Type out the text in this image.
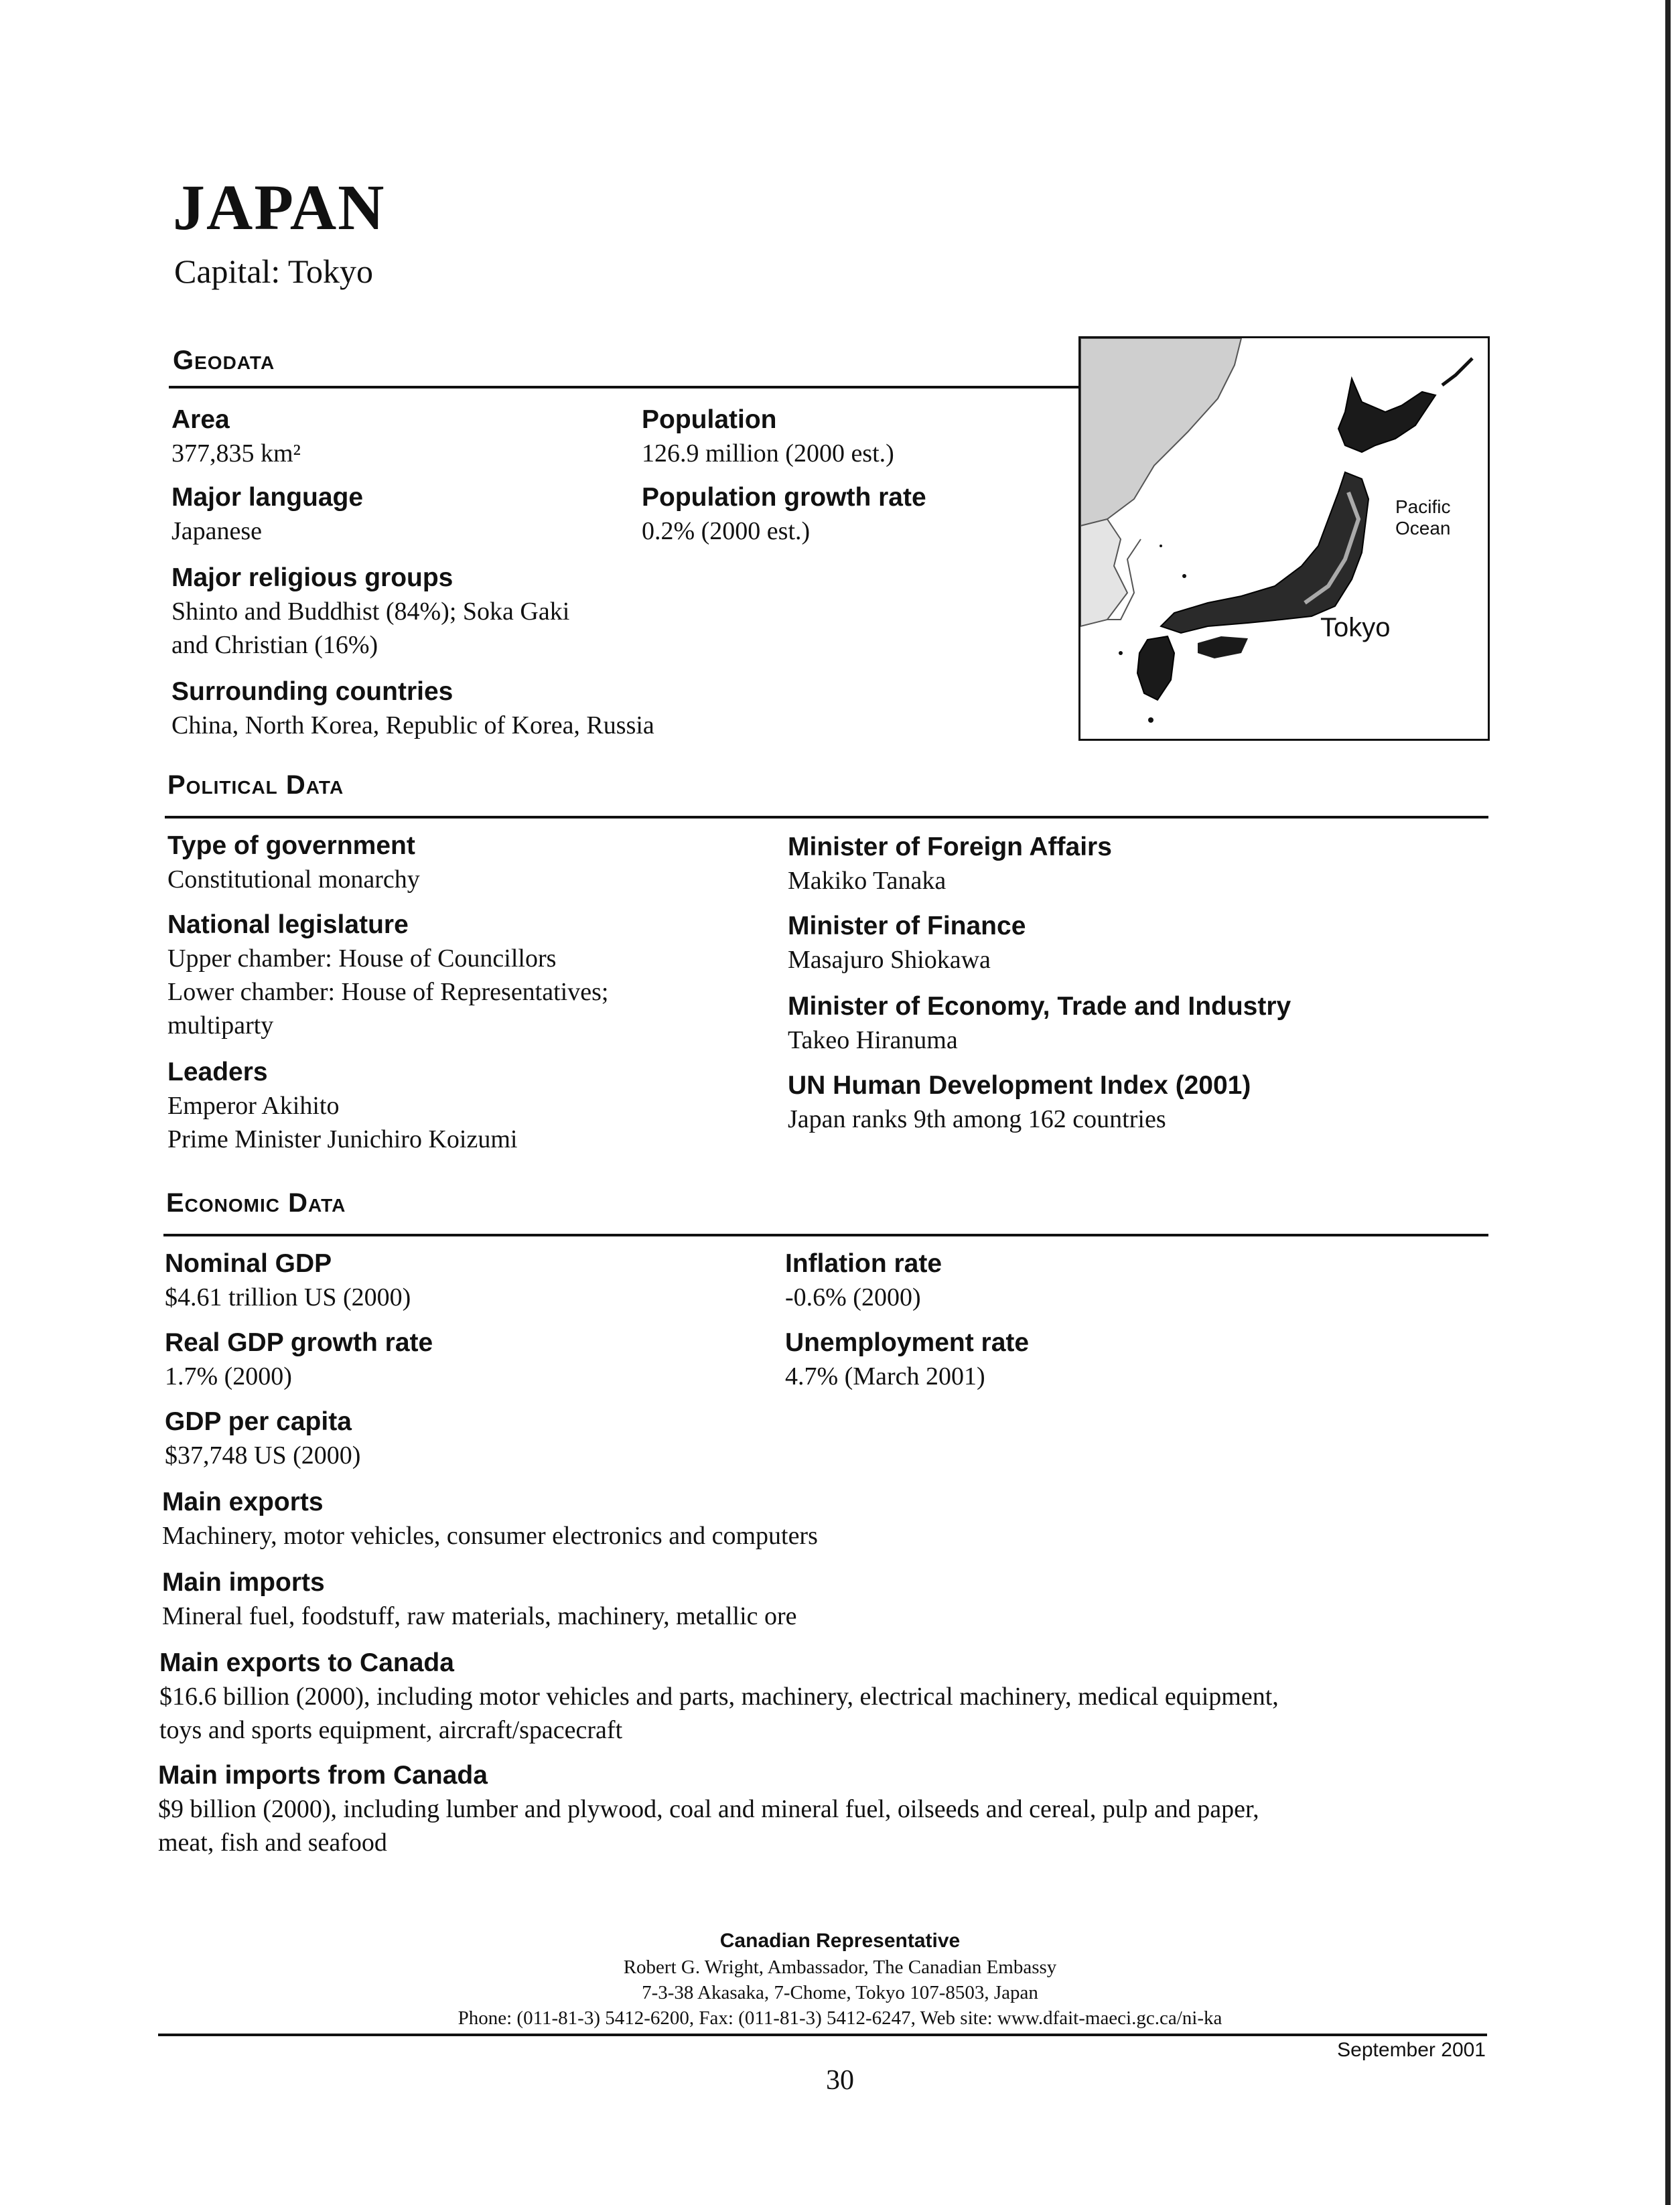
JAPAN
Capital: Tokyo
Geodata
Area
377,835 km²
Major language
Japanese
Major religious groups
Shinto and Buddhist (84%); Soka Gaki
and Christian (16%)
Surrounding countries
China, North Korea, Republic of Korea, Russia
Population
126.9 million (2000 est.)
Population growth rate
0.2% (2000 est.)
Pacific
Ocean
Tokyo
Political Data
Type of government
Constitutional monarchy
National legislature
Upper chamber: House of Councillors
Lower chamber: House of Representatives;
multiparty
Leaders
Emperor Akihito
Prime Minister Junichiro Koizumi
Minister of Foreign Affairs
Makiko Tanaka
Minister of Finance
Masajuro Shiokawa
Minister of Economy, Trade and Industry
Takeo Hiranuma
UN Human Development Index (2001)
Japan ranks 9th among 162 countries
Economic Data
Nominal GDP
$4.61 trillion US (2000)
Real GDP growth rate
1.7% (2000)
GDP per capita
$37,748 US (2000)
Inflation rate
-0.6% (2000)
Unemployment rate
4.7% (March 2001)
Main exports
Machinery, motor vehicles, consumer electronics and computers
Main imports
Mineral fuel, foodstuff, raw materials, machinery, metallic ore
Main exports to Canada
$16.6 billion (2000), including motor vehicles and parts, machinery, electrical machinery, medical equipment,
toys and sports equipment, aircraft/spacecraft
Main imports from Canada
$9 billion (2000), including lumber and plywood, coal and mineral fuel, oilseeds and cereal, pulp and paper,
meat, fish and seafood
Canadian Representative
Robert G. Wright, Ambassador, The Canadian Embassy
7-3-38 Akasaka, 7-Chome, Tokyo 107-8503, Japan
Phone: (011-81-3) 5412-6200, Fax: (011-81-3) 5412-6247, Web site: www.dfait-maeci.gc.ca/ni-ka
September 2001
30
